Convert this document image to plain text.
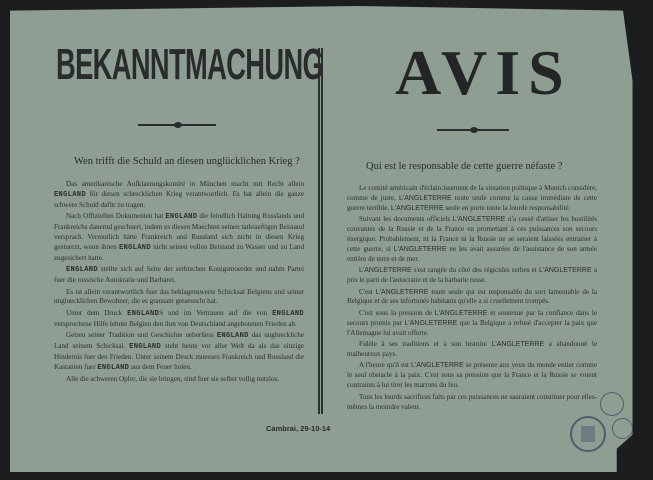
BEKANNTMACHUNG AVIS
Wen trifft die Schuld an diesen unglücklichen Krieg ?	Qui est le responsable de cette guerre néfaste ?

Das amerikanische Aufklaerungskomité in München macht mit Recht allein ENGLAND für diesen schrecklichen Krieg verantwortlich. Es hat allein die ganze schwere Schuld dafür zu tragen.

Nach Offiziellen Dokumenten hat ENGLAND die feindlich Haltung Russlands und Frankreichs dauernd geschuert, indem es diesen Maechten seinen tatkraeftigen Beistand versprach. Vermutlich hätte Frankreich und Russland sich nicht in diesen Krieg gestuerzt, wenn ihnen ENGLAND nicht seinen vollen Beistand zu Wasser und zu Land zugesichert hatte.

ENGLAND stellte sich auf Seite der serbischen Konigsmoerder und nahm Partei fuer die russische Autokratie und Barbarei.

Es ist allein verantwortlich fuer das beklagenswerte Schicksal Belgiens und seiner ungluecklichen Bewohner, die es grausam getaeuscht hat.

Unter dem Druck ENGLANDS und im Vertrauen auf die von ENGLAND versprochene Hilfe lehnte Belgien den ihm von Deutschland angebotenen Frieden ab.

Getreu seiner Tradition und Geschichte ueberliess ENGLAND das unglueckliche Land seinem Schicksal. ENGLAND steht heute vor aller Welt da als das einzige Hindernis fuer den Frieden. Unter seinem Druck muessen Frankreich und Russland die Kastanien fuer ENGLAND aus dem Feuer holen.

Alle die schweren Opfer, die sie bringen, sind fuer sie selbst vollig nutzlos.

Le comité américain d'éclaircissement de la situation politique à Munich considère, comme de juste, L'ANGLETERRE toute seule comme la cause immédiate de cette guerre terrible. L'ANGLETERRE seule en porte toute la lourde responsabilité.

Suivant les documents officiels L'ANGLETERRE n'a cessé d'attiser les hostilités couvantes de la Russie et de la France en promettant à ces puissances son secours énergique. Probablement, ni la France ni la Russie ne se seraient laissées entrainer à cette guerre, si L'ANGLETERRE ne les avait assurées de l'assistance de son armée entière de terre et de mer.

L'ANGLETERRE s'est rangée du côté des régicides serbes et L'ANGLETERRE a pris le parti de l'autocratie et de la barbarie russe.

C'est L'ANGLETERRE toute seule qui est responsable du sort lamentable de la Belgique et de ses infortunés habitants qu'elle a si cruellement trompés.

C'est sous la pression de L'ANGLETERRE et soutenue par la confiance dans le secours promis par L'ANGLETERRE que la Belgique a refusé d'accepter la paix que l'Allemagne lui avait offerte.

Fidèle à ses traditions et à son histoire L'ANGLETERRE a abandonné le malheureux pays.

A l'heure qu'il est L'ANGLETERRE se présente aux yeux du monde entier comme le seul obstacle à la paix. C'est sous sa pression que la France et la Russie se voient contraints à lui tirer les marrons du feu.

Tous les lourds sacrifices faits par ces puissances ne sauraient constituer pour elles-mêmes la moindre valeur.

Cambrai, 29-10-14
